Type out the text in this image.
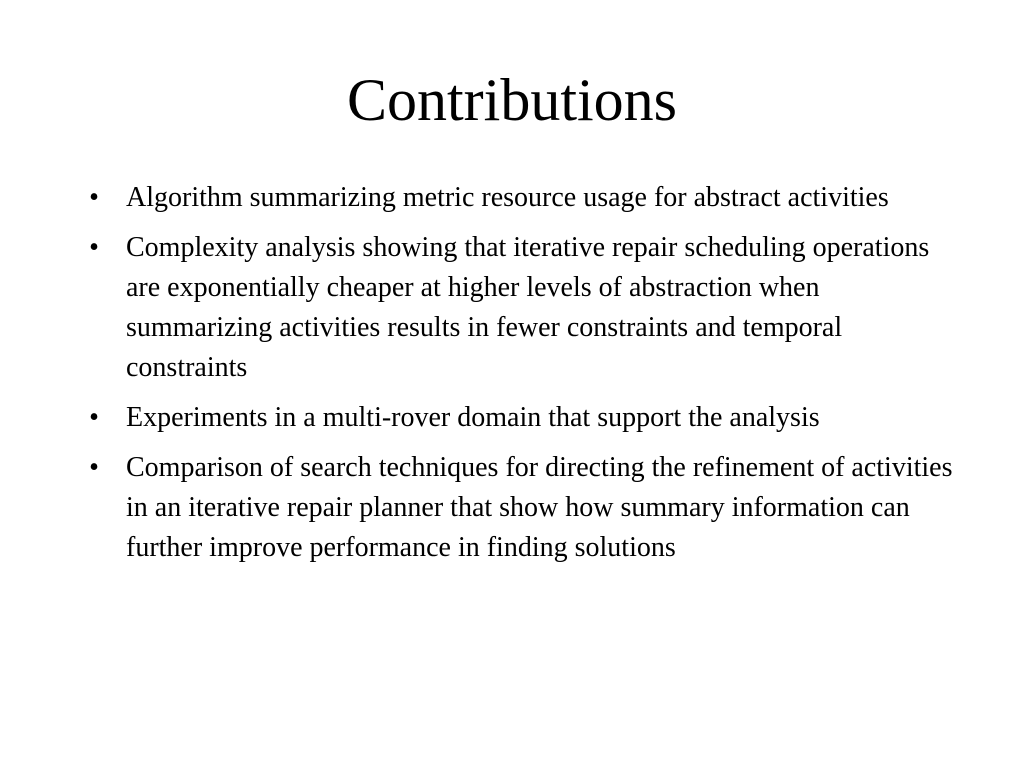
Contributions
• Algorithm summarizing metric resource usage for abstract activities
• Complexity analysis showing that iterative repair scheduling operations are exponentially cheaper at higher levels of abstraction when summarizing activities results in fewer constraints and temporal constraints
• Experiments in a multi-rover domain that support the analysis
• Comparison of search techniques for directing the refinement of activities in an iterative repair planner that show how summary information can further improve performance in finding solutions
